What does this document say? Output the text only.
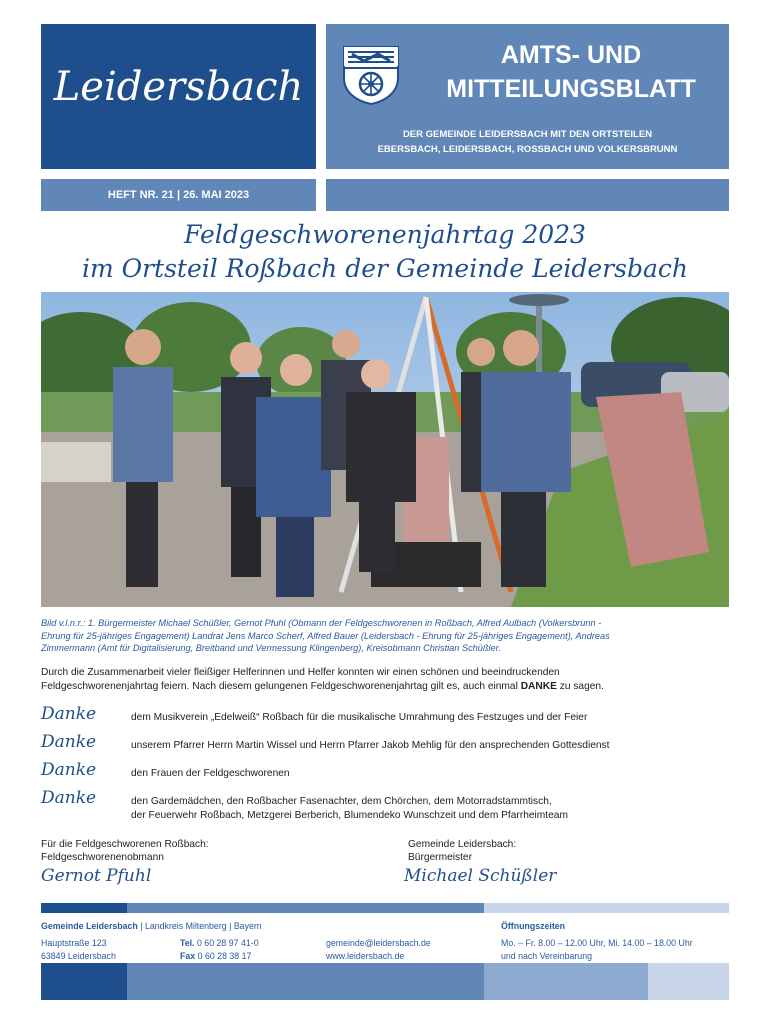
Leidersbach
AMTS- UND
MITTEILUNGSBLATT
DER GEMEINDE LEIDERSBACH MIT DEN ORTSTEILEN
EBERSBACH, LEIDERSBACH, ROSSBACH UND VOLKERSBRUNN
HEFT NR. 21 | 26. MAI 2023
Feldgeschworenenjahrtag 2023
im Ortsteil Roßbach der Gemeinde Leidersbach
Bild v.l.n.r.: 1. Bürgermeister Michael Schüßler, Gernot Pfuhl (Obmann der Feldgeschworenen in Roßbach, Alfred Aulbach (Volkersbrunn -
Ehrung für 25-jähriges Engagement) Landrat Jens Marco Scherf, Alfred Bauer (Leidersbach - Ehrung für 25-jähriges Engagement), Andreas
Zimmermann (Amt für Digitalisierung, Breitband und Vermessung Klingenberg), Kreisobmann Christian Schüßler.
Durch die Zusammenarbeit vieler fleißiger Helferinnen und Helfer konnten wir einen schönen und beeindruckenden
Feldgeschworenenjahrtag feiern. Nach diesem gelungenen Feldgeschworenenjahrtag gilt es, auch einmal DANKE zu sagen.
Danke	dem Musikverein „Edelweiß“ Roßbach für die musikalische Umrahmung des Festzuges und der Feier
Danke	unserem Pfarrer Herrn Martin Wissel und Herrn Pfarrer Jakob Mehlig für den ansprechenden Gottesdienst
Danke	den Frauen der Feldgeschworenen
Danke	den Gardemädchen, den Roßbacher Fasenachter, dem Chörchen, dem Motorradstammtisch,
der Feuerwehr Roßbach, Metzgerei Berberich, Blumendeko Wunschzeit und dem Pfarrheimteam
Für die Feldgeschworenen Roßbach:
Feldgeschworenenobmann
Gernot Pfuhl
Gemeinde Leidersbach:
Bürgermeister
Michael Schüßler
Gemeinde Leidersbach | Landkreis Miltenberg | Bayern	Öffnungszeiten
Hauptstraße 123
63849 Leidersbach
Tel. 0 60 28 97 41-0
Fax 0 60 28 38 17
gemeinde@leidersbach.de
www.leidersbach.de
Mo. – Fr. 8.00 – 12.00 Uhr, Mi. 14.00 – 18.00 Uhr
und nach Vereinbarung
